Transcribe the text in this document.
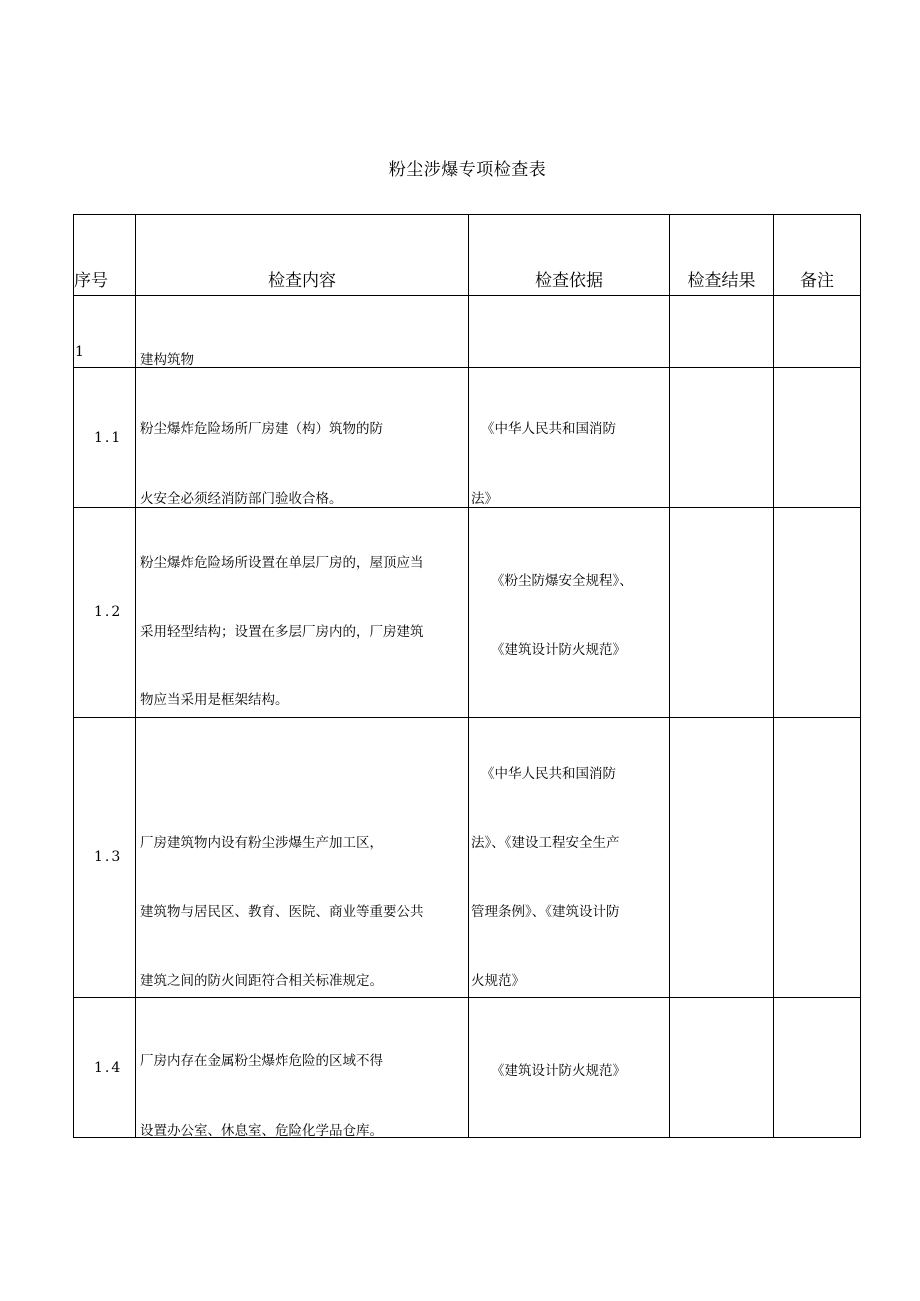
粉尘涉爆专项检查表
序号	检查内容	检查依据	检查结果	备注

1	建构筑物			

1.1	粉尘爆炸危险场所厂房建（构）筑物的防
火安全必须经消防部门验收合格。	《中华人民共和国消防
法》		

1.2	粉尘爆炸危险场所设置在单层厂房的，屋顶应当
采用轻型结构；设置在多层厂房内的，厂房建筑
物应当采用是框架结构。	《粉尘防爆安全规程》、
《建筑设计防火规范》		

1.3	厂房建筑物内设有粉尘涉爆生产加工区，
建筑物与居民区、教育、医院、商业等重要公共
建筑之间的防火间距符合相关标准规定。	《中华人民共和国消防
法》、《建设工程安全生产
管理条例》、《建筑设计防
火规范》		

1.4	厂房内存在金属粉尘爆炸危险的区域不得
设置办公室、休息室、危险化学品仓库。	《建筑设计防火规范》		
